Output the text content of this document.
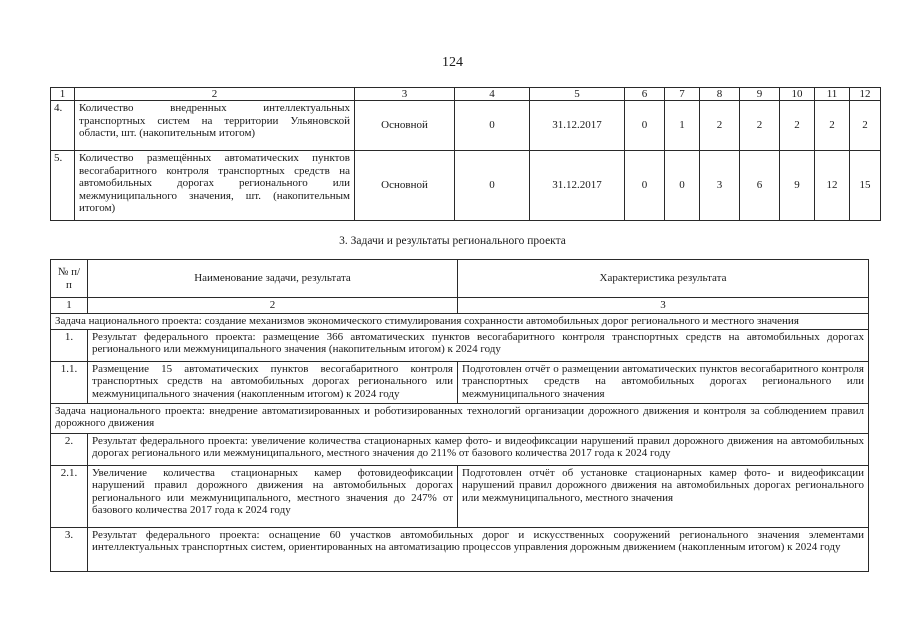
124
1	2	3	4	5	6	7	8	9	10	11	12
4.	Количество внедренных интеллектуальных транспортных систем на территории Ульяновской области, шт. (накопительным итогом)	Основной	0	31.12.2017	0	1	2	2	2	2	2
5.	Количество размещённых автоматических пунктов весогабаритного контроля транспортных средств на автомобильных дорогах регионального или межмуниципального значения, шт. (накопительным итогом)	Основной	0	31.12.2017	0	0	3	6	9	12	15
3. Задачи и результаты регионального проекта
№ п/п	Наименование задачи, результата	Характеристика результата
1	2	3
Задача национального проекта: создание механизмов экономического стимулирования сохранности автомобильных дорог регионального и местного значения		
1.	Результат федерального проекта: размещение 366 автоматических пунктов весогабаритного контроля транспортных средств на автомобильных дорогах регионального или межмуниципального значения (накопительным итогом) к 2024 году	
1.1.	Размещение 15 автоматических пунктов весогабаритного контроля транспортных средств на автомобильных дорогах регионального или межмуниципального значения (накопленным итогом) к 2024 году	Подготовлен отчёт о размещении автоматических пунктов весогабаритного контроля транспортных средств на автомобильных дорогах регионального или межмуниципального значения
Задача национального проекта: внедрение автоматизированных и роботизированных технологий организации дорожного движения и контроля за соблюдением правил дорожного движения		
2.	Результат федерального проекта: увеличение количества стационарных камер фото- и видеофиксации нарушений правил дорожного движения на автомобильных дорогах регионального или межмуниципального, местного значения до 211% от базового количества 2017 года к 2024 году	
2.1.	Увеличение количества стационарных камер фотовидеофиксации нарушений правил дорожного движения на автомобильных дорогах регионального или межмуниципального, местного значения до 247% от базового количества 2017 года к 2024 году	Подготовлен отчёт об установке стационарных камер фото- и видеофиксации нарушений правил дорожного движения на автомобильных дорогах регионального или межмуниципального, местного значения
3.	Результат федерального проекта: оснащение 60 участков автомобильных дорог и искусственных сооружений регионального значения элементами интеллектуальных транспортных систем, ориентированных на автоматизацию процессов управления дорожным движением (накопленным итогом) к 2024 году	
